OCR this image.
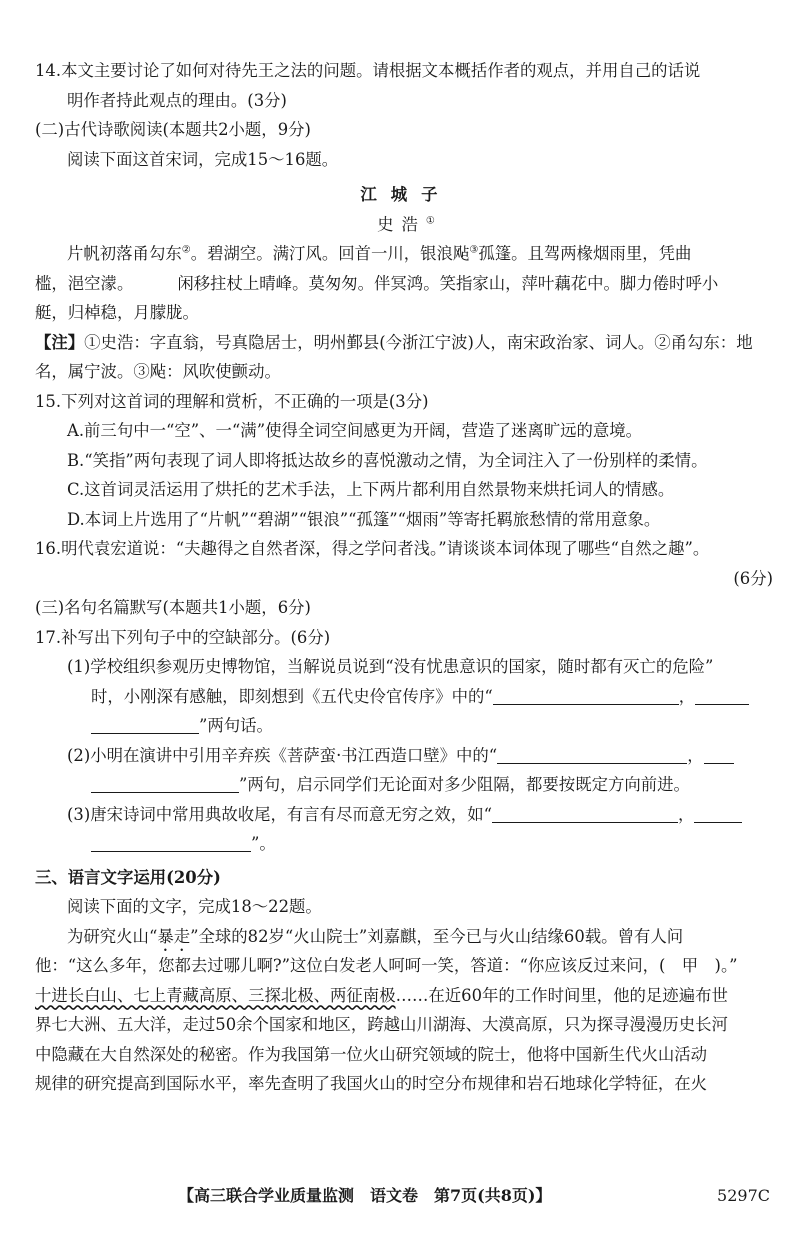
14.本文主要讨论了如何对待先王之法的问题。请根据文本概括作者的观点，并用自己的话说
明作者持此观点的理由。(3分)
(二)古代诗歌阅读(本题共2小题，9分)
阅读下面这首宋词，完成15～16题。
江城子
史浩①
片帆初落甬勾东②。碧湖空。满汀风。回首一川，银浪飐③孤篷。且驾两椽烟雨里，凭曲
槛，浥空濛。	闲移拄杖上晴峰。莫匆匆。伴冥鸿。笑指家山，萍叶藕花中。脚力倦时呼小
艇，归棹稳，月朦胧。
【注】①史浩：字直翁，号真隐居士，明州鄞县(今浙江宁波)人，南宋政治家、词人。②甬勾东：地
名，属宁波。③飐：风吹使颤动。
15.下列对这首词的理解和赏析，不正确的一项是(3分)
A.前三句中一“空”、一“满”使得全词空间感更为开阔，营造了迷离旷远的意境。
B.“笑指”两句表现了词人即将抵达故乡的喜悦激动之情，为全词注入了一份别样的柔情。
C.这首词灵活运用了烘托的艺术手法，上下两片都利用自然景物来烘托词人的情感。
D.本词上片选用了“片帆”“碧湖”“银浪”“孤篷”“烟雨”等寄托羁旅愁情的常用意象。
16.明代袁宏道说：“夫趣得之自然者深，得之学问者浅。”请谈谈本词体现了哪些“自然之趣”。
(6分)
(三)名句名篇默写(本题共1小题，6分)
17.补写出下列句子中的空缺部分。(6分)
(1)学校组织参观历史博物馆，当解说员说到“没有忧患意识的国家，随时都有灭亡的危险”
时，小刚深有感触，即刻想到《五代史伶官传序》中的“	，
”两句话。
(2)小明在演讲中引用辛弃疾《菩萨蛮·书江西造口壁》中的“	，
”两句，启示同学们无论面对多少阻隔，都要按既定方向前进。
(3)唐宋诗词中常用典故收尾，有言有尽而意无穷之效，如“	，
”。
三、语言文字运用(20分)
阅读下面的文字，完成18～22题。
为研究火山“暴走”全球的82岁“火山院士”刘嘉麒，至今已与火山结缘60载。曾有人问
他：“这么多年，您都去过哪儿啊?”这位白发老人呵呵一笑，答道：“你应该反过来问，(　甲　)。”
十进长白山、七上青藏高原、三探北极、两征南极……在近60年的工作时间里，他的足迹遍布世
界七大洲、五大洋，走过50余个国家和地区，跨越山川湖海、大漠高原，只为探寻漫漫历史长河
中隐藏在大自然深处的秘密。作为我国第一位火山研究领域的院士，他将中国新生代火山活动
规律的研究提高到国际水平，率先查明了我国火山的时空分布规律和岩石地球化学特征，在火
【高三联合学业质量监测　语文卷　第7页(共8页)】	5297C
